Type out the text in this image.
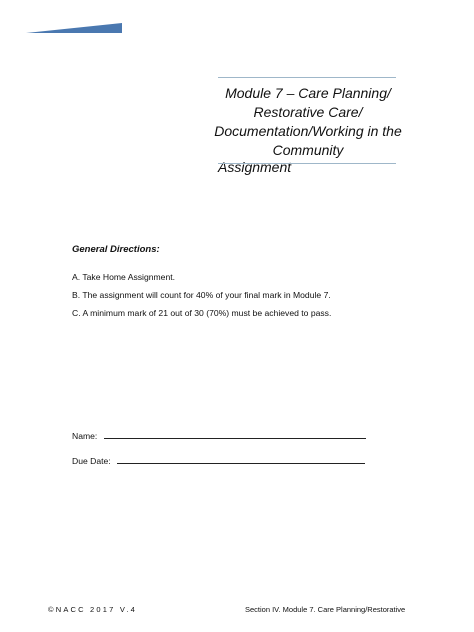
Module 7 – Care Planning/
Restorative Care/
Documentation/Working in the
Community
Assignment
General Directions:
A. Take Home Assignment.
B. The assignment will count for 40% of your final mark in Module 7.
C. A minimum mark of 21 out of 30 (70%) must be achieved to pass.
Name:
Due Date:
©NACC 2017 V.4	Section IV. Module 7. Care Planning/Restorative
